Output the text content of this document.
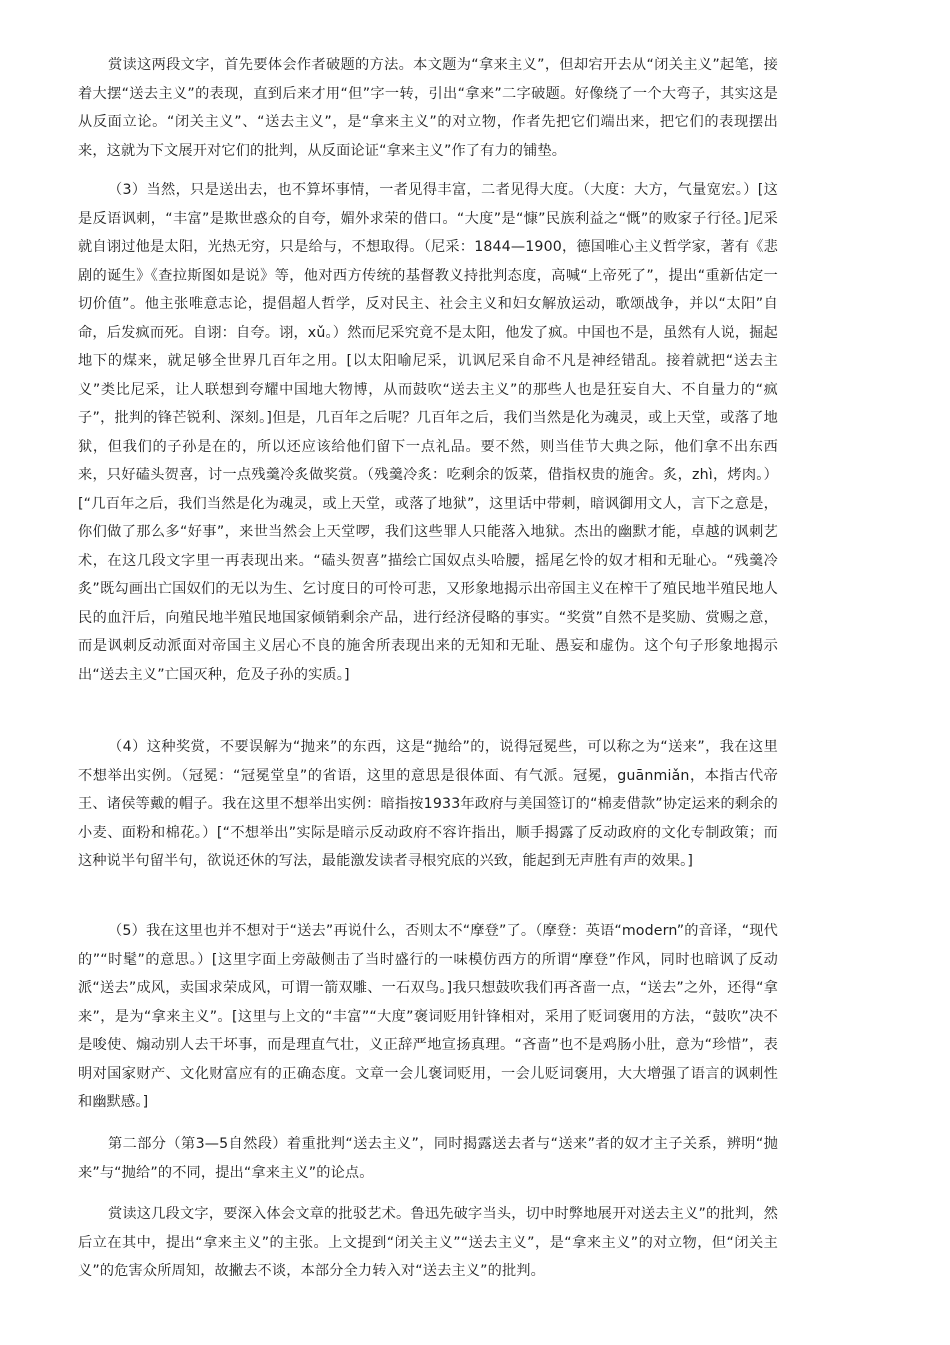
赏读这两段文字，首先要体会作者破题的方法。本文题为“拿来主义”，但却宕开去从“闭关主义”起笔，接着大摆“送去主义”的表现，直到后来才用“但”字一转，引出“拿来”二字破题。好像绕了一个大弯子，其实这是从反面立论。“闭关主义”、“送去主义”，是“拿来主义”的对立物，作者先把它们端出来，把它们的表现摆出来，这就为下文展开对它们的批判，从反面论证“拿来主义”作了有力的铺垫。

（3）当然，只是送出去，也不算坏事情，一者见得丰富，二者见得大度。（大度：大方，气量宽宏。）[这是反语讽刺，“丰富”是欺世惑众的自夸，媚外求荣的借口。“大度”是“慷”民族利益之“慨”的败家子行径。]尼采就自诩过他是太阳，光热无穷，只是给与，不想取得。（尼采：1844—1900，德国唯心主义哲学家，著有《悲剧的诞生》《查拉斯图如是说》等，他对西方传统的基督教义持批判态度，高喊“上帝死了”，提出“重新估定一切价值”。他主张唯意志论，提倡超人哲学，反对民主、社会主义和妇女解放运动，歌颂战争，并以“太阳”自命，后发疯而死。自诩：自夸。诩，xǔ。）然而尼采究竟不是太阳，他发了疯。中国也不是，虽然有人说，掘起地下的煤来，就足够全世界几百年之用。[以太阳喻尼采，讥讽尼采自命不凡是神经错乱。接着就把“送去主义”类比尼采，让人联想到夸耀中国地大物博，从而鼓吹“送去主义”的那些人也是狂妄自大、不自量力的“疯子”，批判的锋芒锐利、深刻。]但是，几百年之后呢？几百年之后，我们当然是化为魂灵，或上天堂，或落了地狱，但我们的子孙是在的，所以还应该给他们留下一点礼品。要不然，则当佳节大典之际，他们拿不出东西来，只好磕头贺喜，讨一点残羹冷炙做奖赏。（残羹冷炙：吃剩余的饭菜，借指权贵的施舍。炙，zhì，烤肉。）[“几百年之后，我们当然是化为魂灵，或上天堂，或落了地狱”，这里话中带刺，暗讽御用文人，言下之意是，你们做了那么多“好事”，来世当然会上天堂啰，我们这些罪人只能落入地狱。杰出的幽默才能，卓越的讽刺艺术，在这几段文字里一再表现出来。“磕头贺喜”描绘亡国奴点头哈腰，摇尾乞怜的奴才相和无耻心。“残羹冷炙”既勾画出亡国奴们的无以为生、乞讨度日的可怜可悲，又形象地揭示出帝国主义在榨干了殖民地半殖民地人民的血汗后，向殖民地半殖民地国家倾销剩余产品，进行经济侵略的事实。“奖赏”自然不是奖励、赏赐之意，而是讽刺反动派面对帝国主义居心不良的施舍所表现出来的无知和无耻、愚妄和虚伪。这个句子形象地揭示出“送去主义”亡国灭种，危及子孙的实质。]

（4）这种奖赏，不要误解为“抛来”的东西，这是“抛给”的，说得冠冕些，可以称之为“送来”，我在这里不想举出实例。（冠冕：“冠冕堂皇”的省语，这里的意思是很体面、有气派。冠冕，guānmiǎn，本指古代帝王、诸侯等戴的帽子。我在这里不想举出实例：暗指按1933年政府与美国签订的“棉麦借款”协定运来的剩余的小麦、面粉和棉花。）[“不想举出”实际是暗示反动政府不容许指出，顺手揭露了反动政府的文化专制政策；而这种说半句留半句，欲说还休的写法，最能激发读者寻根究底的兴致，能起到无声胜有声的效果。]

（5）我在这里也并不想对于“送去”再说什么，否则太不“摩登”了。（摩登：英语“modern”的音译，“现代的”“时髦”的意思。）[这里字面上旁敲侧击了当时盛行的一味模仿西方的所谓“摩登”作风，同时也暗讽了反动派“送去”成风，卖国求荣成风，可谓一箭双雕、一石双鸟。]我只想鼓吹我们再吝啬一点，“送去”之外，还得“拿来”，是为“拿来主义”。[这里与上文的“丰富”“大度”褒词贬用针锋相对，采用了贬词褒用的方法，“鼓吹”决不是唆使、煽动别人去干坏事，而是理直气壮，义正辞严地宣扬真理。“吝啬”也不是鸡肠小肚，意为“珍惜”，表明对国家财产、文化财富应有的正确态度。文章一会儿褒词贬用，一会儿贬词褒用，大大增强了语言的讽刺性和幽默感。]

第二部分（第3—5自然段）着重批判“送去主义”，同时揭露送去者与“送来”者的奴才主子关系，辨明“抛来”与“抛给”的不同，提出“拿来主义”的论点。

赏读这几段文字，要深入体会文章的批驳艺术。鲁迅先破字当头，切中时弊地展开对送去主义”的批判，然后立在其中，提出“拿来主义”的主张。上文提到“闭关主义”“送去主义”，是“拿来主义”的对立物，但“闭关主义”的危害众所周知，故撇去不谈，本部分全力转入对“送去主义”的批判。
